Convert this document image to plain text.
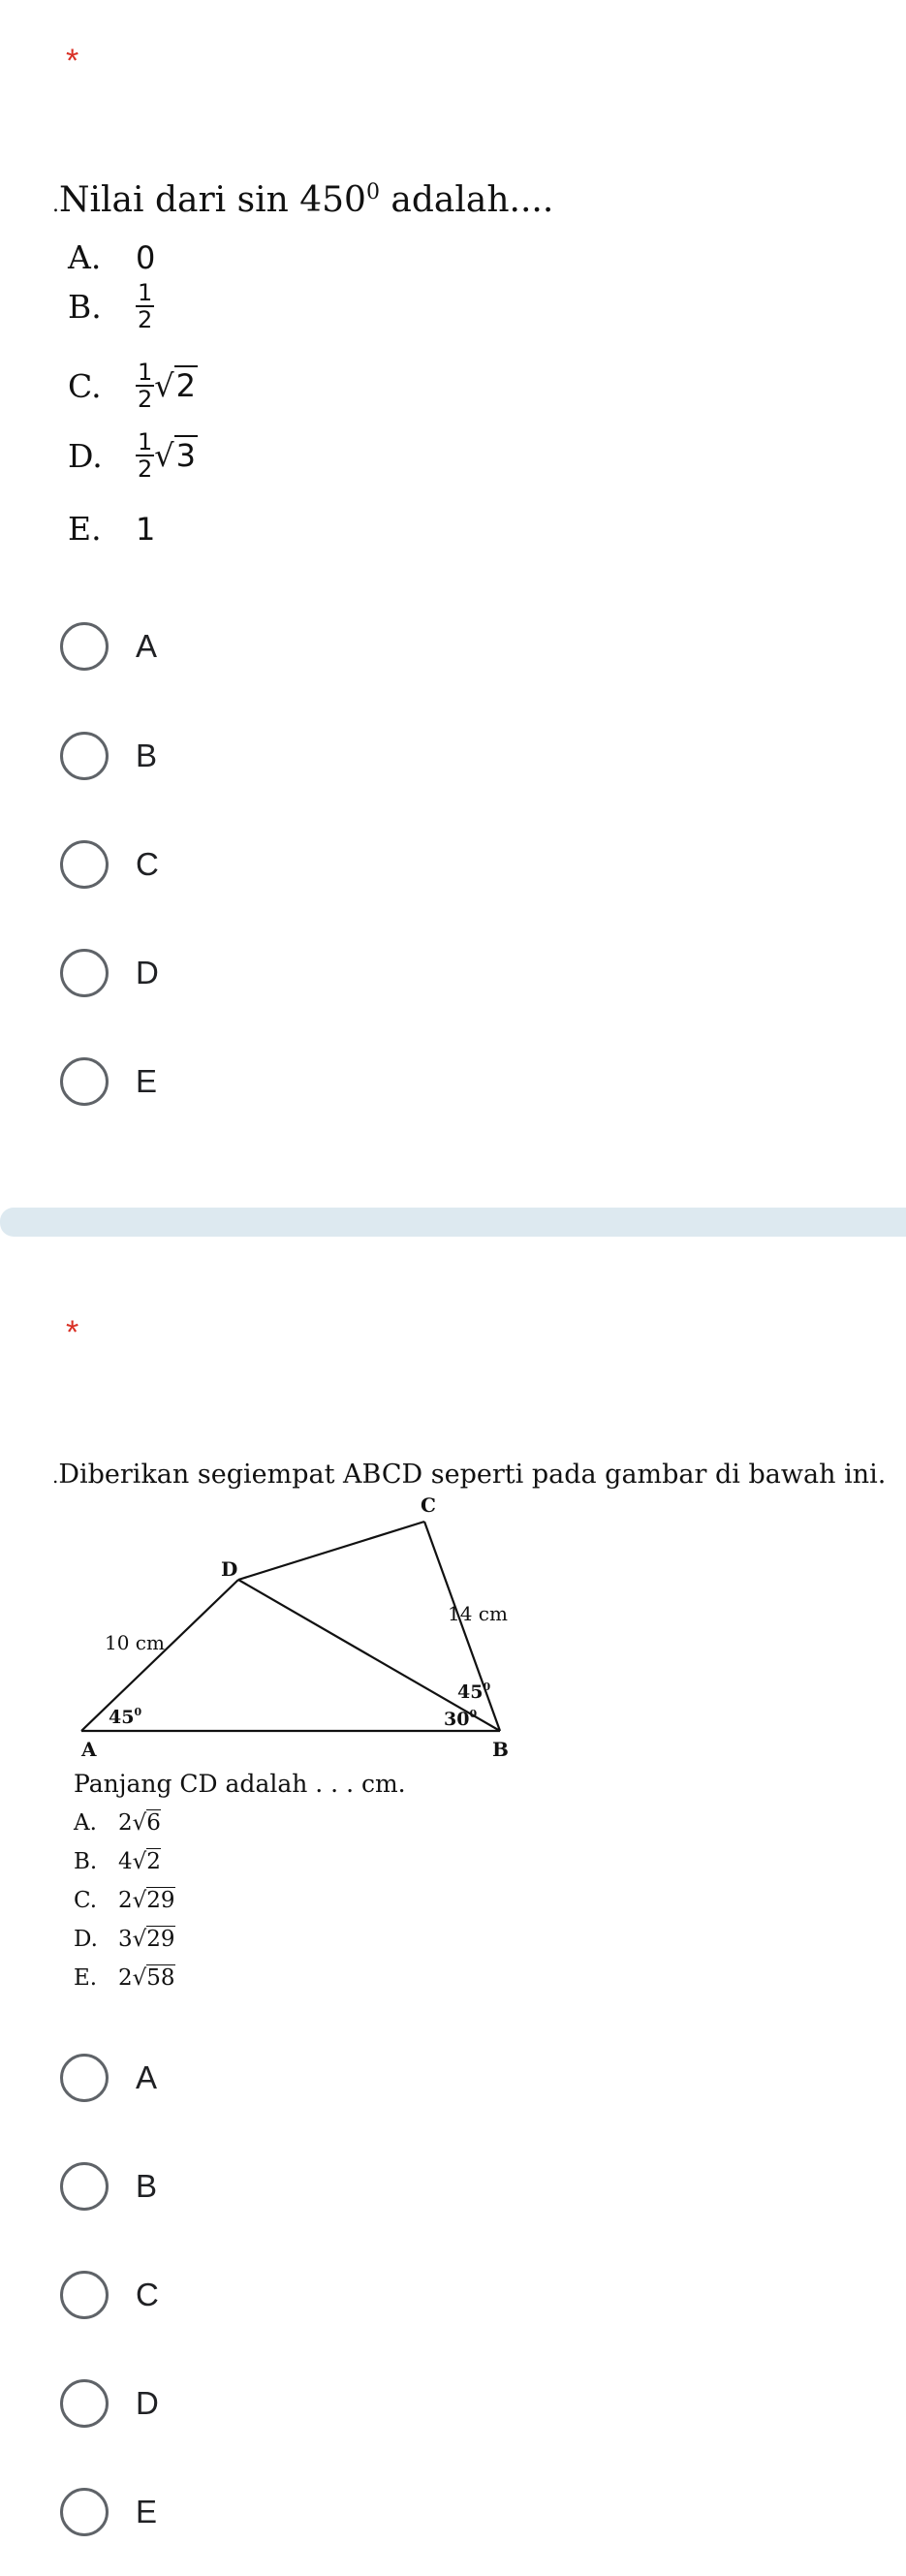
*
.Nilai dari $\sin 450^0$ adalah....
A. 0
B. $\frac{1}{2}$
C. $\frac{1}{2} √2$
D. $\frac{1}{2} √3$
E. 1
A
B
C
D
E
*
.Diberikan segiempat ABCD seperti pada gambar di bawah ini.
C
D
A	B
14 cm
10 cm
$45^0$	$30^0$
$45^0$
Panjang CD adalah . . . cm.
A. 2√6
B. 4√2
C. 2√29
D. 3√29
E. 2√58
A
B
C
D
E
